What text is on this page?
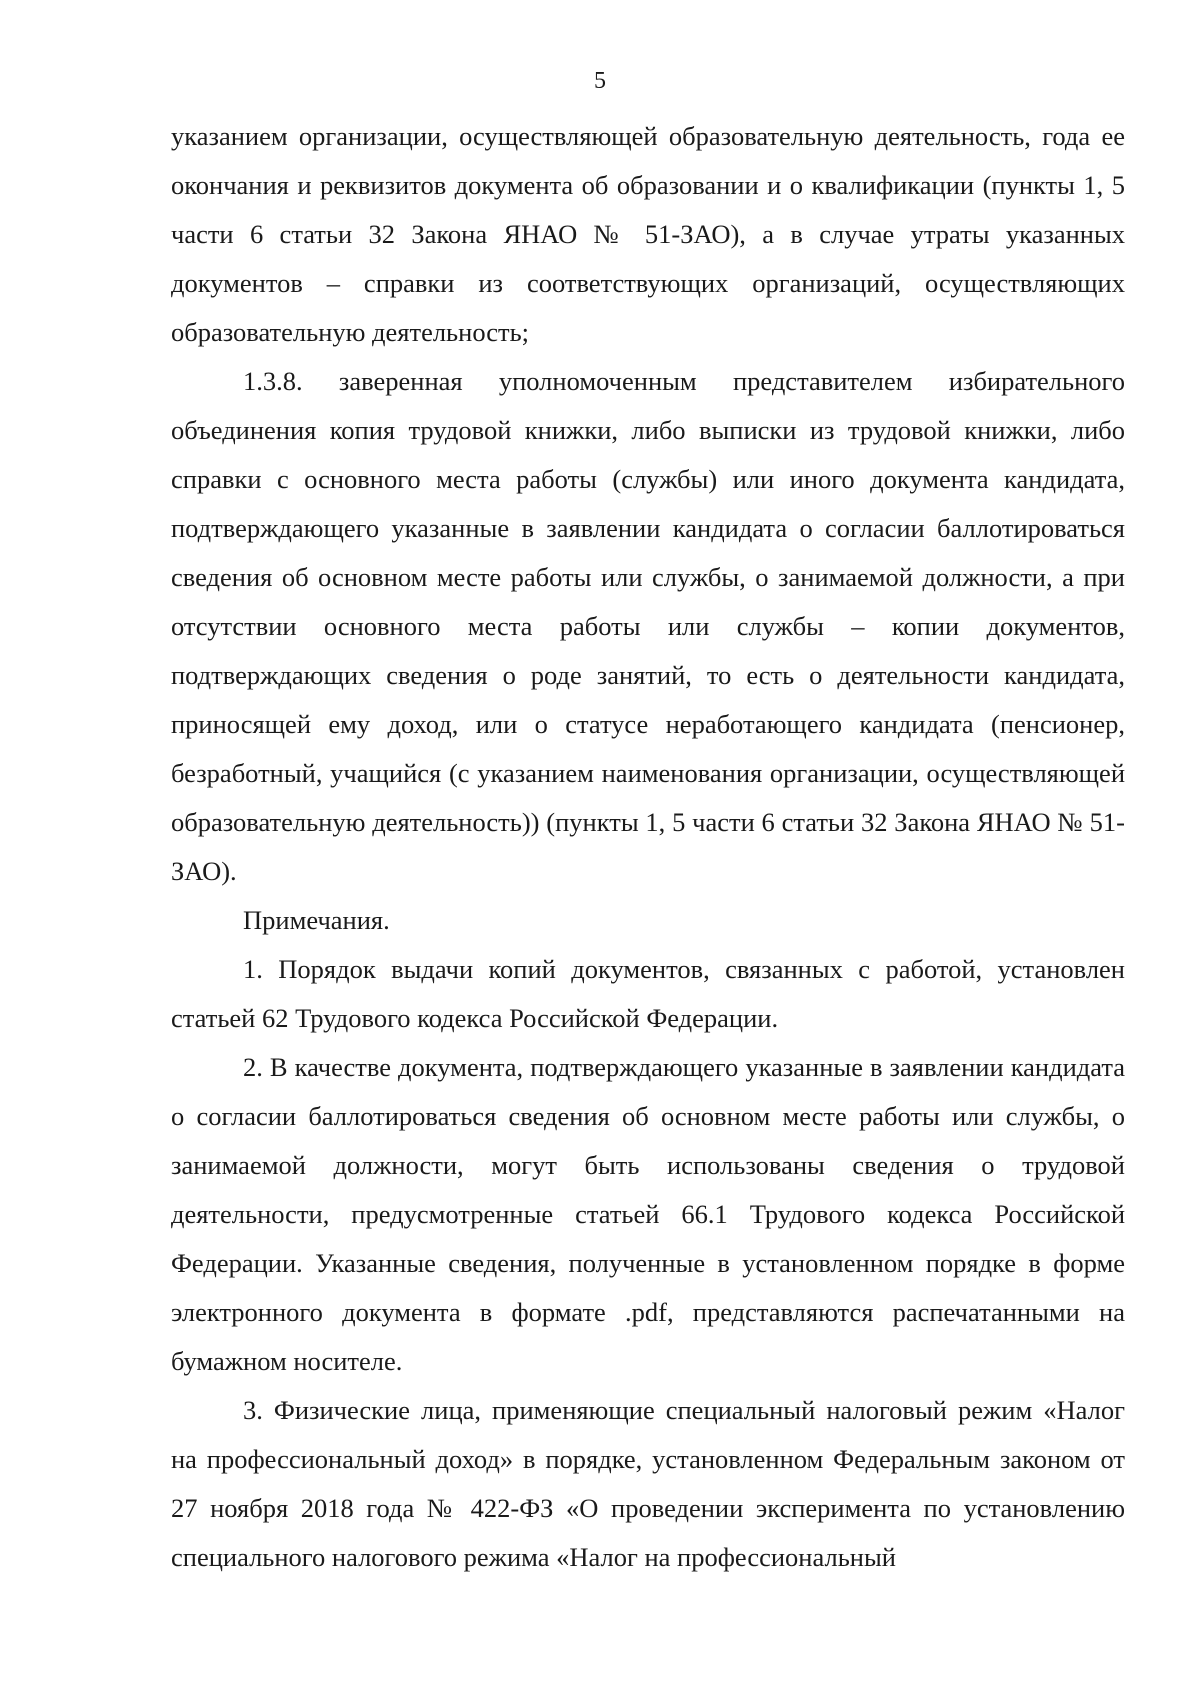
5

указанием организации, осуществляющей образовательную деятельность, года ее окончания и реквизитов документа об образовании и о квалификации (пункты 1, 5 части 6 статьи 32 Закона ЯНАО № 51-ЗАО), а в случае утраты указанных документов – справки из соответствующих организаций, осуществляющих образовательную деятельность;

1.3.8. заверенная уполномоченным представителем избирательного объединения копия трудовой книжки, либо выписки из трудовой книжки, либо справки с основного места работы (службы) или иного документа кандидата, подтверждающего указанные в заявлении кандидата о согласии баллотироваться сведения об основном месте работы или службы, о занимаемой должности, а при отсутствии основного места работы или службы – копии документов, подтверждающих сведения о роде занятий, то есть о деятельности кандидата, приносящей ему доход, или о статусе неработающего кандидата (пенсионер, безработный, учащийся (с указанием наименования организации, осуществляющей образовательную деятельность)) (пункты 1, 5 части 6 статьи 32 Закона ЯНАО № 51-ЗАО).

Примечания.

1. Порядок выдачи копий документов, связанных с работой, установлен статьей 62 Трудового кодекса Российской Федерации.

2. В качестве документа, подтверждающего указанные в заявлении кандидата о согласии баллотироваться сведения об основном месте работы или службы, о занимаемой должности, могут быть использованы сведения о трудовой деятельности, предусмотренные статьей 66.1 Трудового кодекса Российской Федерации. Указанные сведения, полученные в установленном порядке в форме электронного документа в формате .pdf, представляются распечатанными на бумажном носителе.

3. Физические лица, применяющие специальный налоговый режим «Налог на профессиональный доход» в порядке, установленном Федеральным законом от 27 ноября 2018 года № 422-ФЗ «О проведении эксперимента по установлению специального налогового режима «Налог на профессиональный
